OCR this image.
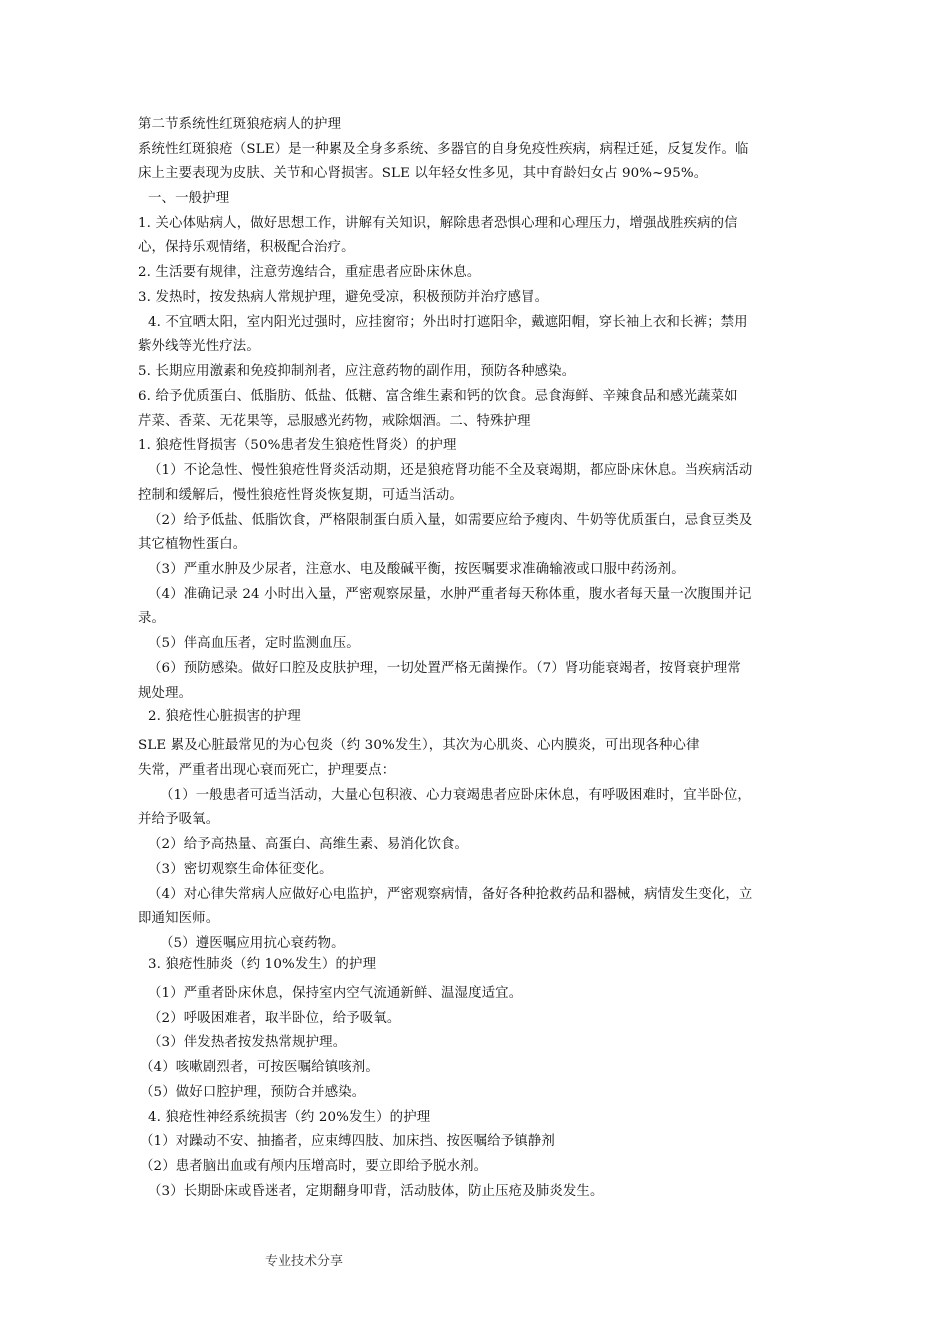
第二节系统性红斑狼疮病人的护理
系统性红斑狼疮（SLE）是一种累及全身多系统、多器官的自身免疫性疾病，病程迁延，反复发作。临
床上主要表现为皮肤、关节和心肾损害。SLE 以年轻女性多见，其中育龄妇女占 90%~95%。
一、一般护理
1. 关心体贴病人，做好思想工作，讲解有关知识，解除患者恐惧心理和心理压力，增强战胜疾病的信
心，保持乐观情绪，积极配合治疗。
2. 生活要有规律，注意劳逸结合，重症患者应卧床休息。
3. 发热时，按发热病人常规护理，避免受凉，积极预防并治疗感冒。
4. 不宜晒太阳，室内阳光过强时，应挂窗帘；外出时打遮阳伞，戴遮阳帽，穿长袖上衣和长裤；禁用
紫外线等光性疗法。
5. 长期应用激素和免疫抑制剂者，应注意药物的副作用，预防各种感染。
6. 给予优质蛋白、低脂肪、低盐、低糖、富含维生素和钙的饮食。忌食海鲜、辛辣食品和感光蔬菜如
芹菜、香菜、无花果等，忌服感光药物，戒除烟酒。二、特殊护理
1. 狼疮性肾损害（50%患者发生狼疮性肾炎）的护理
（1）不论急性、慢性狼疮性肾炎活动期，还是狼疮肾功能不全及衰竭期，都应卧床休息。当疾病活动
控制和缓解后，慢性狼疮性肾炎恢复期，可适当活动。
（2）给予低盐、低脂饮食，严格限制蛋白质入量，如需要应给予瘦肉、牛奶等优质蛋白，忌食豆类及
其它植物性蛋白。
（3）严重水肿及少尿者，注意水、电及酸碱平衡，按医嘱要求准确输液或口服中药汤剂。
（4）准确记录 24 小时出入量，严密观察尿量，水肿严重者每天称体重，腹水者每天量一次腹围并记
录。
（5）伴高血压者，定时监测血压。
（6）预防感染。做好口腔及皮肤护理，一切处置严格无菌操作。（7）肾功能衰竭者，按肾衰护理常
规处理。
2. 狼疮性心脏损害的护理
SLE 累及心脏最常见的为心包炎（约 30%发生），其次为心肌炎、心内膜炎，可出现各种心律
失常，严重者出现心衰而死亡，护理要点：
（1）一般患者可适当活动，大量心包积液、心力衰竭患者应卧床休息，有呼吸困难时，宜半卧位，
并给予吸氧。
（2）给予高热量、高蛋白、高维生素、易消化饮食。
（3）密切观察生命体征变化。
（4）对心律失常病人应做好心电监护，严密观察病情，备好各种抢救药品和器械，病情发生变化，立
即通知医师。
（5）遵医嘱应用抗心衰药物。
3. 狼疮性肺炎（约 10%发生）的护理
（1）严重者卧床休息，保持室内空气流通新鲜、温湿度适宜。
（2）呼吸困难者，取半卧位，给予吸氧。
（3）伴发热者按发热常规护理。
（4）咳嗽剧烈者，可按医嘱给镇咳剂。
（5）做好口腔护理，预防合并感染。
4. 狼疮性神经系统损害（约 20%发生）的护理
（1）对躁动不安、抽搐者，应束缚四肢、加床挡、按医嘱给予镇静剂
（2）患者脑出血或有颅内压增高时，要立即给予脱水剂。
（3）长期卧床或昏迷者，定期翻身叩背，活动肢体，防止压疮及肺炎发生。
专业技术分享
